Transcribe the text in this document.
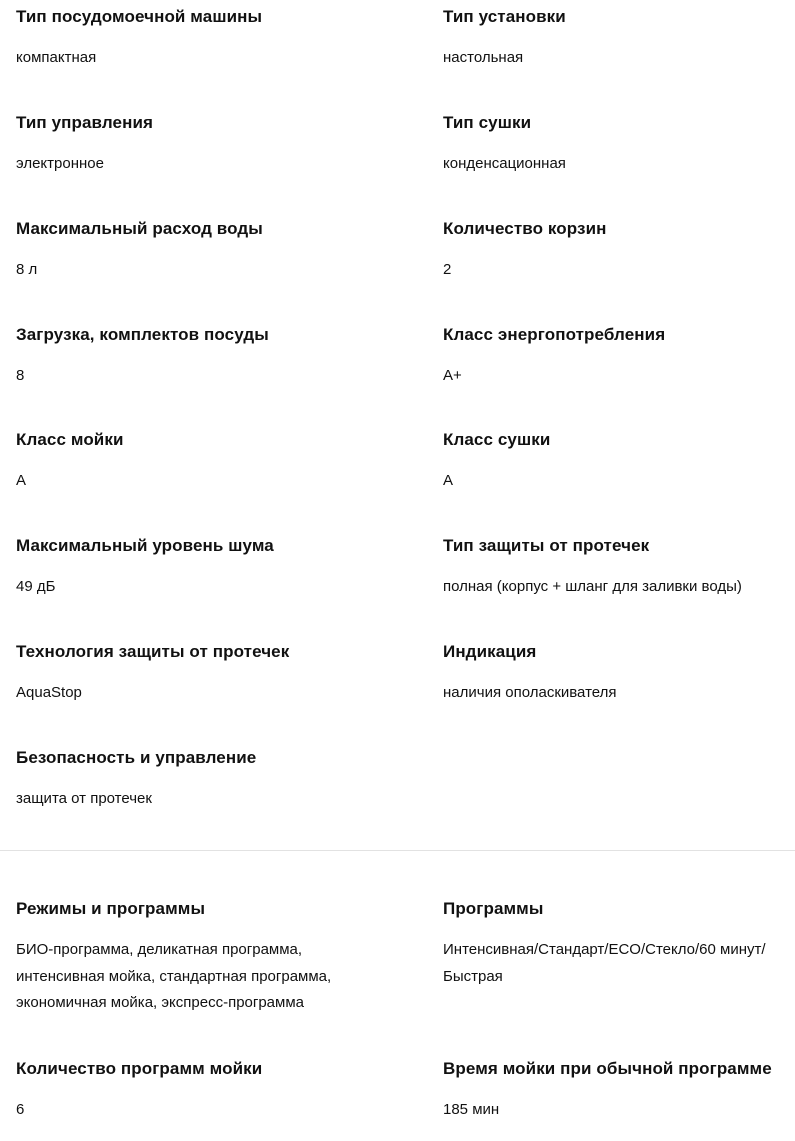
Тип посудомоечной машины
компактная
Тип установки
настольная
Тип управления
электронное
Тип сушки
конденсационная
Максимальный расход воды
8 л
Количество корзин
2
Загрузка, комплектов посуды
8
Класс энергопотребления
A+
Класс мойки
A
Класс сушки
A
Максимальный уровень шума
49 дБ
Тип защиты от протечек
полная (корпус + шланг для заливки воды)
Технология защиты от протечек
AquaStop
Индикация
наличия ополаскивателя
Безопасность и управление
защита от протечек
Режимы и программы
БИО-программа, деликатная программа,
интенсивная мойка, стандартная программа,
экономичная мойка, экспресс-программа
Программы
Интенсивная/Стандарт/ECO/Стекло/60 минут/
Быстрая
Количество программ мойки
6
Время мойки при обычной программе
185 мин
